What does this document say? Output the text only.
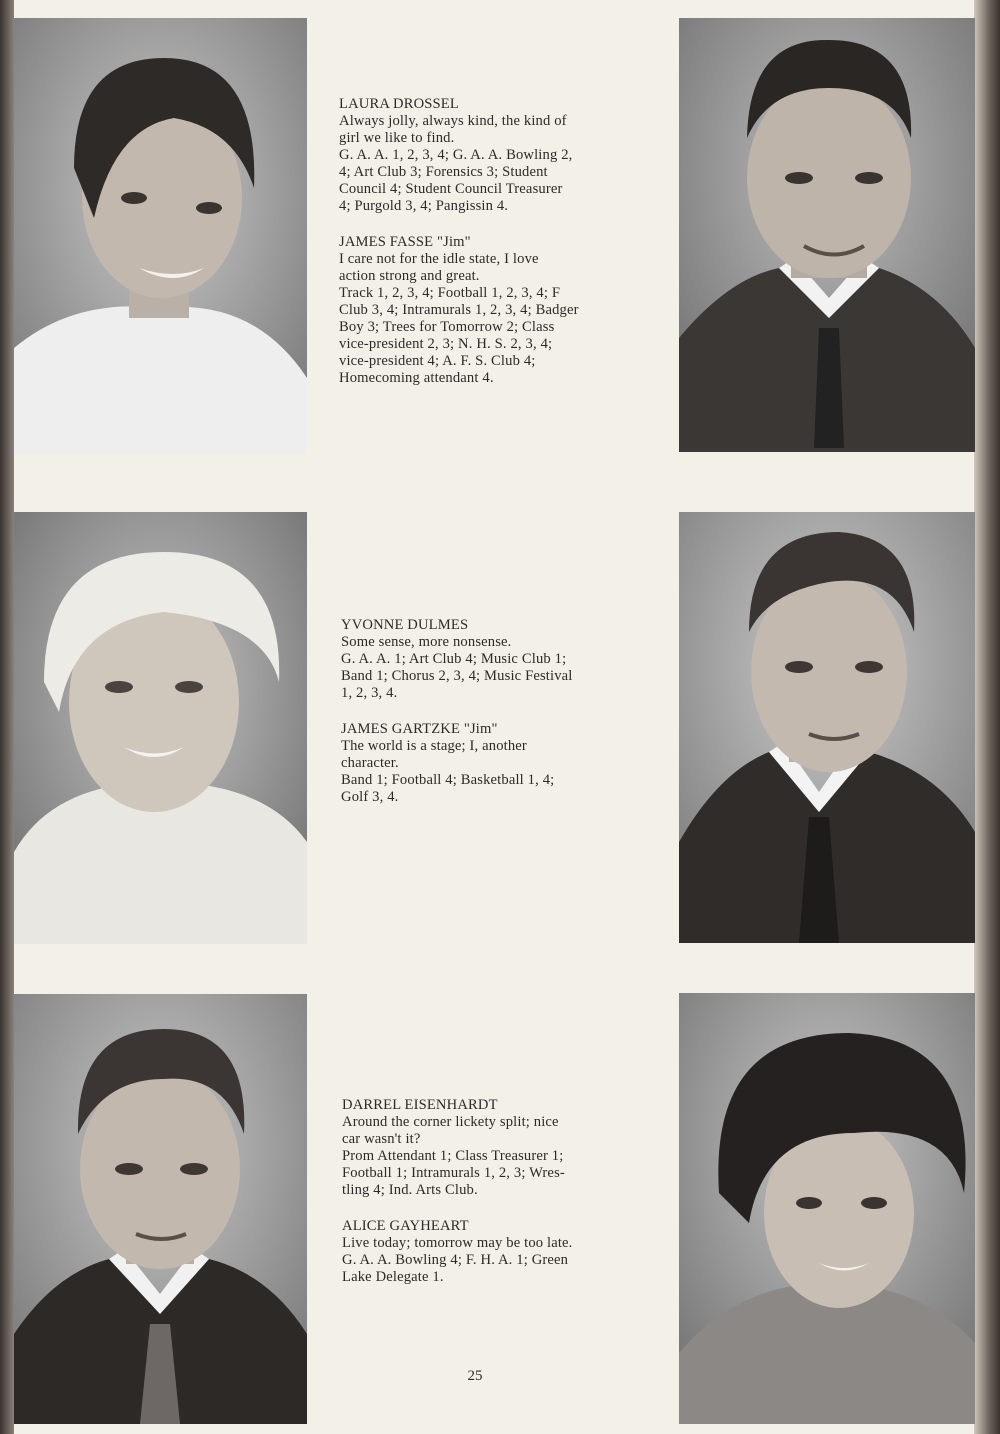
LAURA DROSSEL
Always jolly, always kind, the kind of
girl we like to find.
G. A. A. 1, 2, 3, 4; G. A. A. Bowling 2,
4; Art Club 3; Forensics 3; Student
Council 4; Student Council Treasurer
4; Purgold 3, 4; Pangissin 4.
JAMES FASSE "Jim"
I care not for the idle state, I love
action strong and great.
Track 1, 2, 3, 4; Football 1, 2, 3, 4; F
Club 3, 4; Intramurals 1, 2, 3, 4; Badger
Boy 3; Trees for Tomorrow 2; Class
vice-president 2, 3; N. H. S. 2, 3, 4;
vice-president 4; A. F. S. Club 4;
Homecoming attendant 4.
YVONNE DULMES
Some sense, more nonsense.
G. A. A. 1; Art Club 4; Music Club 1;
Band 1; Chorus 2, 3, 4; Music Festival
1, 2, 3, 4.
JAMES GARTZKE "Jim"
The world is a stage; I, another
character.
Band 1; Football 4; Basketball 1, 4;
Golf 3, 4.
DARREL EISENHARDT
Around the corner lickety split; nice
car wasn't it?
Prom Attendant 1; Class Treasurer 1;
Football 1; Intramurals 1, 2, 3; Wres-
tling 4; Ind. Arts Club.
ALICE GAYHEART
Live today; tomorrow may be too late.
G. A. A. Bowling 4; F. H. A. 1; Green
Lake Delegate 1.
25
